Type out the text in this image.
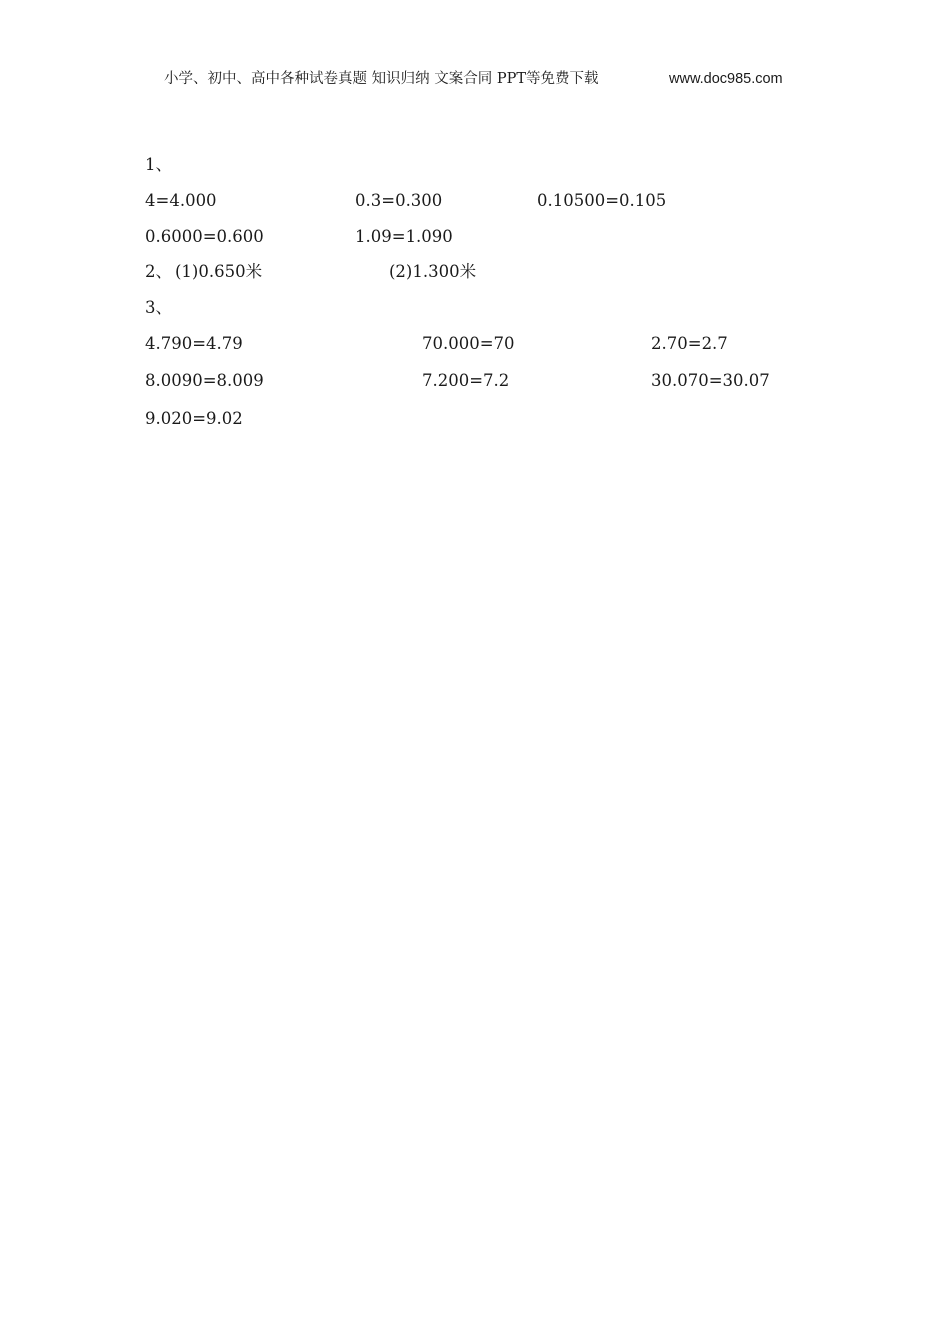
小学、初中、高中各种试卷真题 知识归纳 文案合同 PPT等免费下载	www.doc985.com
1、
4=4.000	0.3=0.300	0.10500=0.105
0.6000=0.600	1.09=1.090
2、 (1)0.650米	(2)1.300米
3、
4.790=4.79	70.000=70	2.70=2.7
8.0090=8.009	7.200=7.2	30.070=30.07
9.020=9.02
